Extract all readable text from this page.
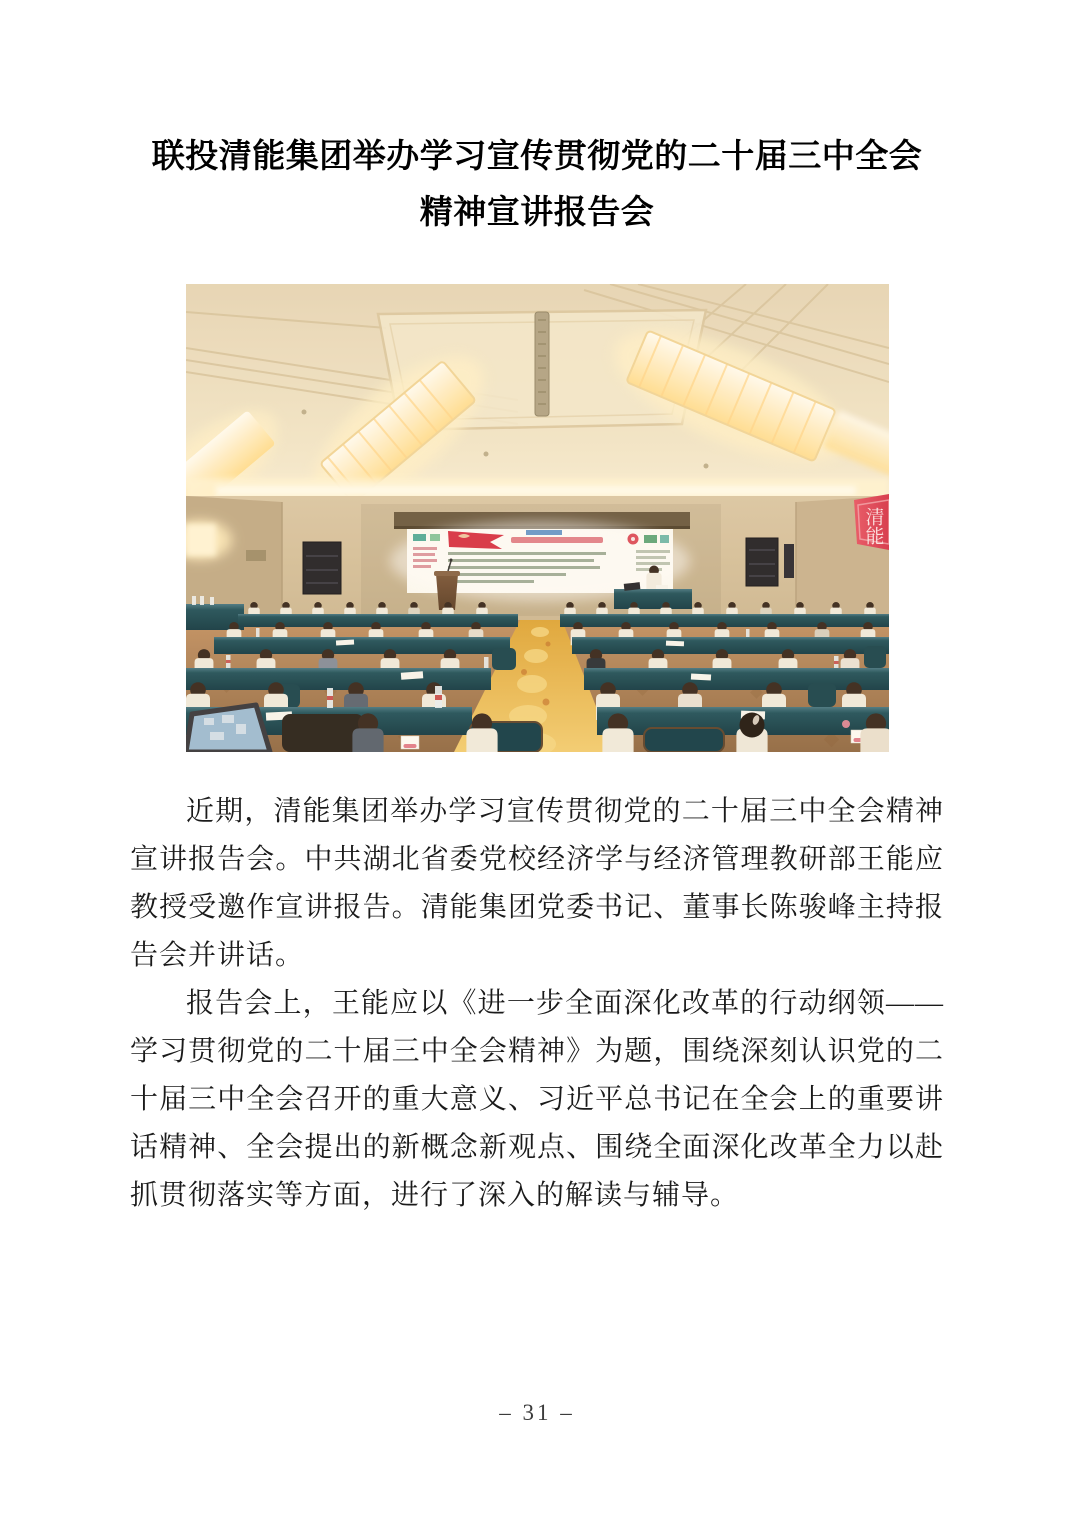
联投清能集团举办学习宣传贯彻党的二十届三中全会
精神宣讲报告会
清能

近期，清能集团举办学习宣传贯彻党的二十届三中全会精神宣讲报告会。中共湖北省委党校经济学与经济管理教研部王能应教授受邀作宣讲报告。清能集团党委书记、董事长陈骏峰主持报告会并讲话。

报告会上，王能应以《进一步全面深化改革的行动纲领——学习贯彻党的二十届三中全会精神》为题，围绕深刻认识党的二十届三中全会召开的重大意义、习近平总书记在全会上的重要讲话精神、全会提出的新概念新观点、围绕全面深化改革全力以赴抓贯彻落实等方面，进行了深入的解读与辅导。

– 31 –
